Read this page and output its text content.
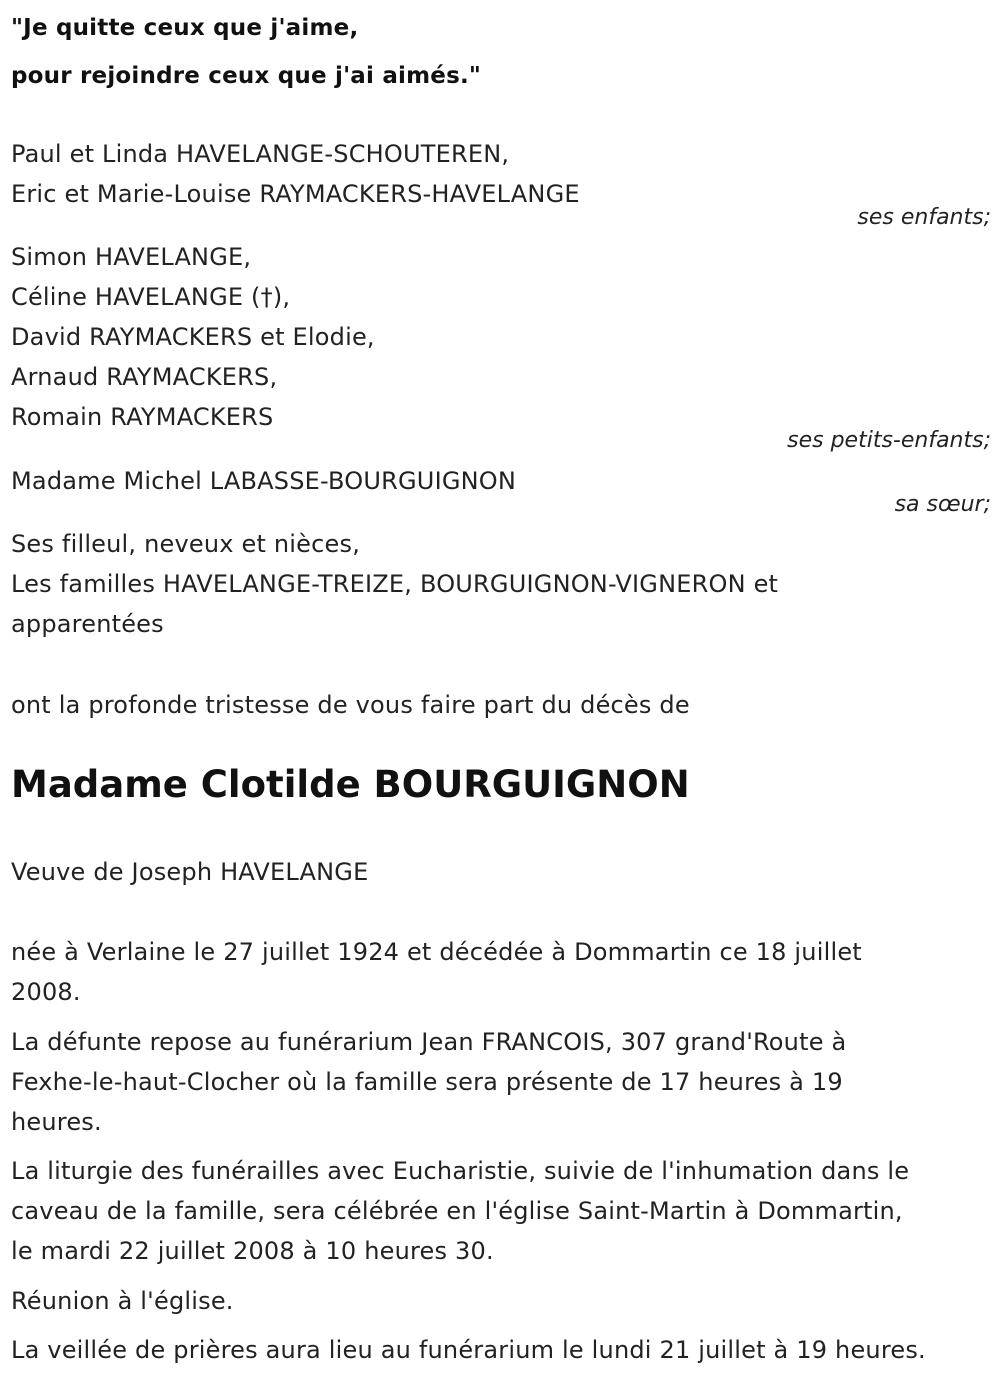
"Je quitte ceux que j'aime,
pour rejoindre ceux que j'ai aimés."
Paul et Linda HAVELANGE-SCHOUTEREN,
Eric et Marie-Louise RAYMACKERS-HAVELANGE
ses enfants;
Simon HAVELANGE,
Céline HAVELANGE (†),
David RAYMACKERS et Elodie,
Arnaud RAYMACKERS,
Romain RAYMACKERS
ses petits-enfants;
Madame Michel LABASSE-BOURGUIGNON
sa sœur;
Ses filleul, neveux et nièces,
Les familles HAVELANGE-TREIZE, BOURGUIGNON-VIGNERON et
apparentées
ont la profonde tristesse de vous faire part du décès de
Madame Clotilde BOURGUIGNON
Veuve de Joseph HAVELANGE
née à Verlaine le 27 juillet 1924 et décédée à Dommartin ce 18 juillet
2008.
La défunte repose au funérarium Jean FRANCOIS, 307 grand'Route à
Fexhe-le-haut-Clocher où la famille sera présente de 17 heures à 19
heures.
La liturgie des funérailles avec Eucharistie, suivie de l'inhumation dans le
caveau de la famille, sera célébrée en l'église Saint-Martin à Dommartin,
le mardi 22 juillet 2008 à 10 heures 30.
Réunion à l'église.
La veillée de prières aura lieu au funérarium le lundi 21 juillet à 19 heures.
